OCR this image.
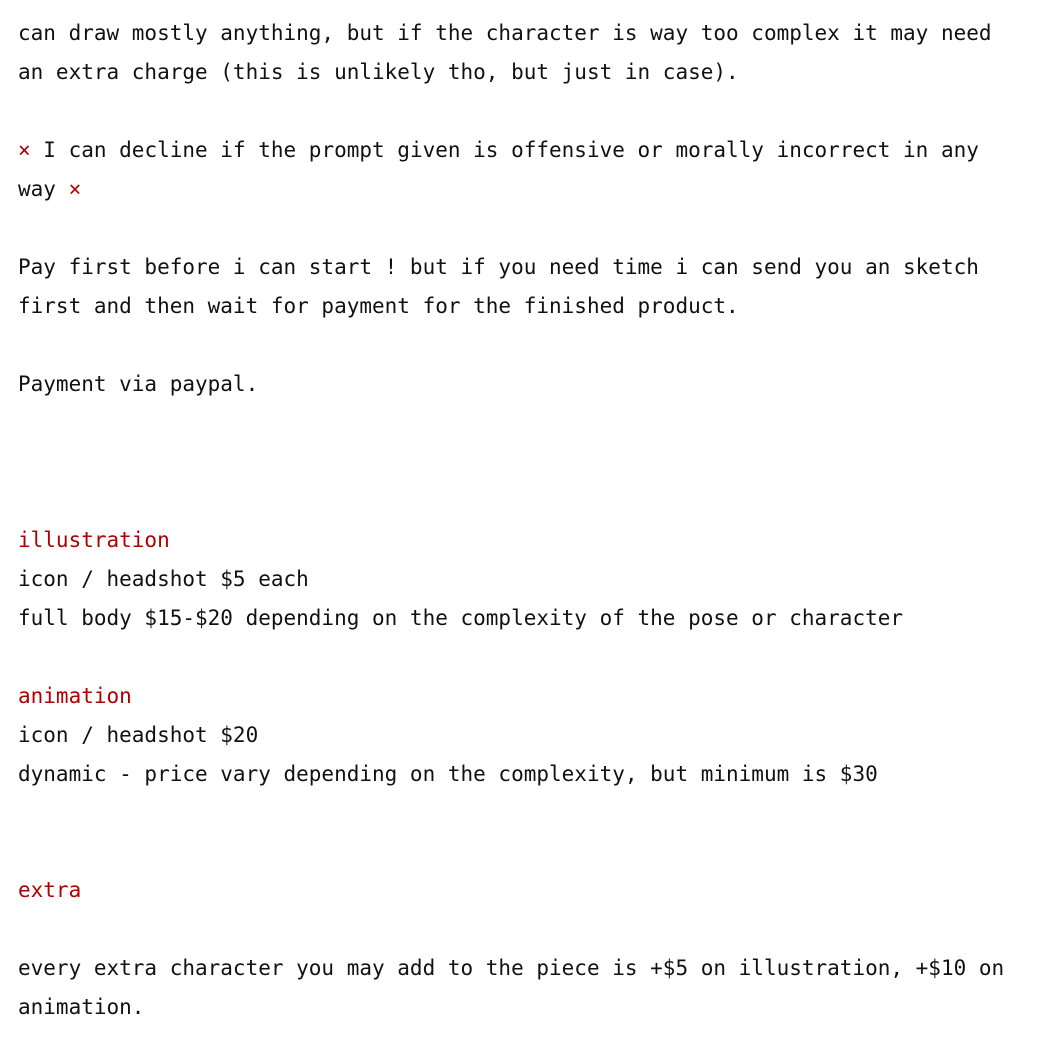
can draw mostly anything, but if the character is way too complex it may need
an extra charge (this is unlikely tho, but just in case).
× I can decline if the prompt given is offensive or morally incorrect in any
way ×
Pay first before i can start ! but if you need time i can send you an sketch
first and then wait for payment for the finished product.
Payment via paypal.
illustration
icon / headshot $5 each
full body $15-$20 depending on the complexity of the pose or character
animation
icon / headshot $20
dynamic - price vary depending on the complexity, but minimum is $30
extra
every extra character you may add to the piece is +$5 on illustration, +$10 on
animation.
